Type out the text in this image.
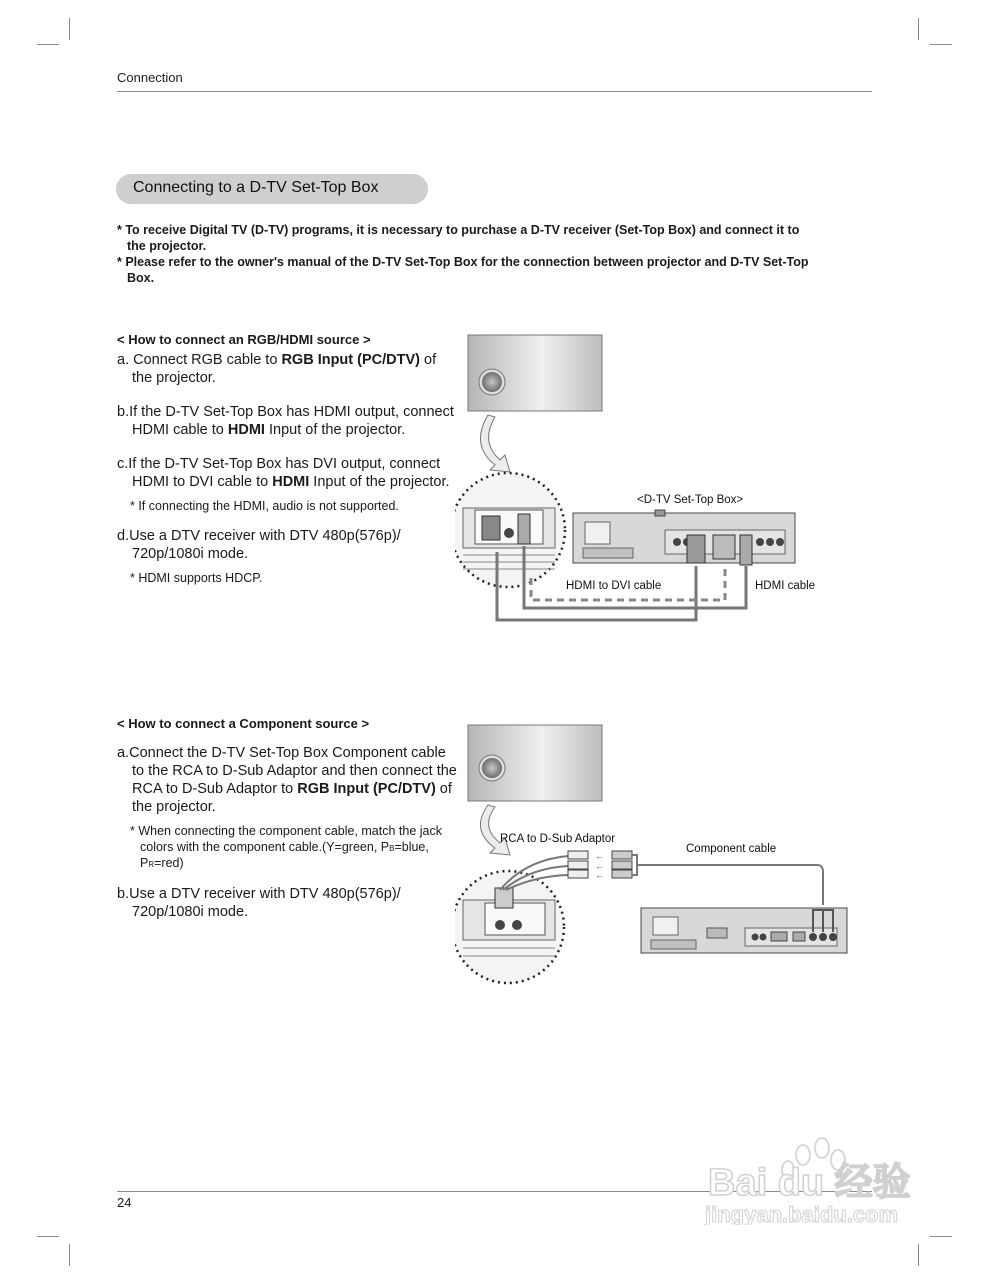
Connection
Connecting to a D-TV Set-Top Box

* To receive Digital TV (D-TV) programs, it is necessary to purchase a D-TV receiver (Set-Top Box) and connect it to the projector.

* Please refer to the owner's manual of the D-TV Set-Top Box for the connection between projector and D-TV Set-Top Box.

< How to connect an RGB/HDMI source >

a. Connect RGB cable to RGB Input (PC/DTV) of the projector.

b.If the D-TV Set-Top Box has HDMI output, connect HDMI cable to HDMI Input of the projector.

c.If the D-TV Set-Top Box has DVI output, connect HDMI to DVI cable to HDMI Input of the projector.

* If connecting the HDMI, audio is not supported.

d.Use a DTV receiver with DTV 480p(576p)/ 720p/1080i mode.

* HDMI supports HDCP.

<D-TV Set-Top Box>
HDMI to DVI cable	HDMI cable
< How to connect a Component source >

a.Connect the D-TV Set-Top Box Component cable to the RCA to D-Sub Adaptor and then connect the RCA to D-Sub Adaptor to RGB Input (PC/DTV) of the projector.

* When connecting the component cable, match the jack colors with the component cable.(Y=green, PB=blue, PR=red)

b.Use a DTV receiver with DTV 480p(576p)/ 720p/1080i mode.

←
←
←
RCA to D-Sub Adaptor
Component cable
24	Bai du 经验
jingyan.baidu.com
